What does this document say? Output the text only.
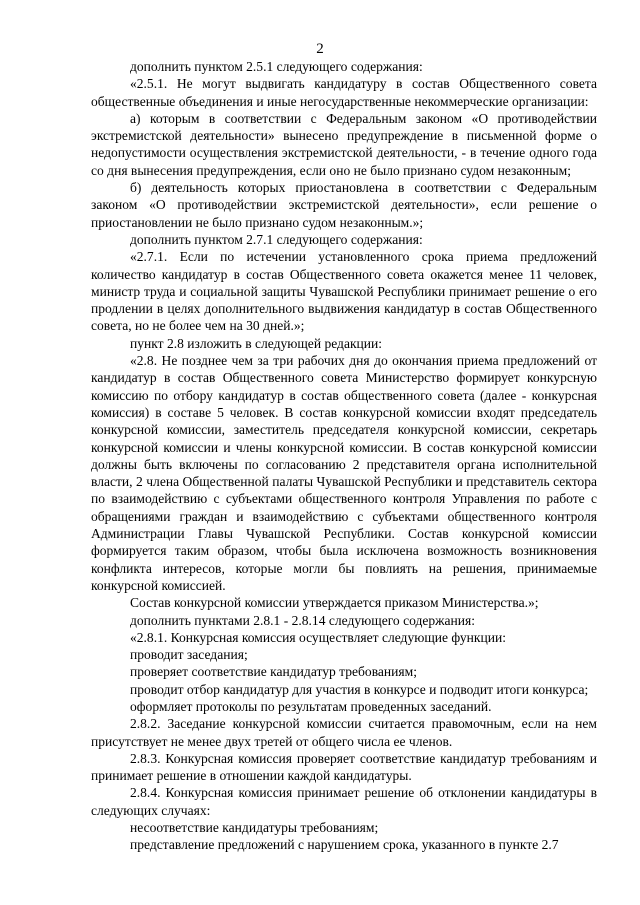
2

дополнить пунктом 2.5.1 следующего содержания:

«2.5.1. Не могут выдвигать кандидатуру в состав Общественного совета общественные объединения и иные негосударственные некоммерческие организации:

а) которым в соответствии с Федеральным законом «О противодействии экстремистской деятельности» вынесено предупреждение в письменной форме о недопустимости осуществления экстремистской деятельности, - в течение одного года со дня вынесения предупреждения, если оно не было признано судом незаконным;

б) деятельность которых приостановлена в соответствии с Федеральным законом «О противодействии экстремистской деятельности», если решение о приостановлении не было признано судом незаконным.»;

дополнить пунктом 2.7.1 следующего содержания:

«2.7.1. Если по истечении установленного срока приема предложений количество кандидатур в состав Общественного совета окажется менее 11 человек, министр труда и социальной защиты Чувашской Республики принимает решение о его продлении в целях дополнительного выдвижения кандидатур в состав Общественного совета, но не более чем на 30 дней.»;

пункт 2.8 изложить в следующей редакции:

«2.8. Не позднее чем за три рабочих дня до окончания приема предложений от кандидатур в состав Общественного совета Министерство формирует конкурсную комиссию по отбору кандидатур в состав общественного совета (далее - конкурсная комиссия) в составе 5 человек. В состав конкурсной комиссии входят председатель конкурсной комиссии, заместитель председателя конкурсной комиссии, секретарь конкурсной комиссии и члены конкурсной комиссии. В состав конкурсной комиссии должны быть включены по согласованию 2 представителя органа исполнительной власти, 2 члена Общественной палаты Чувашской Республики и представитель сектора по взаимодействию с субъектами общественного контроля Управления по работе с обращениями граждан и взаимодействию с субъектами общественного контроля Администрации Главы Чувашской Республики. Состав конкурсной комиссии формируется таким образом, чтобы была исключена возможность возникновения конфликта интересов, которые могли бы повлиять на решения, принимаемые конкурсной комиссией.

Состав конкурсной комиссии утверждается приказом Министерства.»;

дополнить пунктами 2.8.1 - 2.8.14 следующего содержания:

«2.8.1. Конкурсная комиссия осуществляет следующие функции:

проводит заседания;

проверяет соответствие кандидатур требованиям;

проводит отбор кандидатур для участия в конкурсе и подводит итоги конкурса;

оформляет протоколы по результатам проведенных заседаний.

2.8.2. Заседание конкурсной комиссии считается правомочным, если на нем присутствует не менее двух третей от общего числа ее членов.

2.8.3. Конкурсная комиссия проверяет соответствие кандидатур требованиям и принимает решение в отношении каждой кандидатуры.

2.8.4. Конкурсная комиссия принимает решение об отклонении кандидатуры в следующих случаях:

несоответствие кандидатуры требованиям;

представление предложений с нарушением срока, указанного в пункте 2.7
